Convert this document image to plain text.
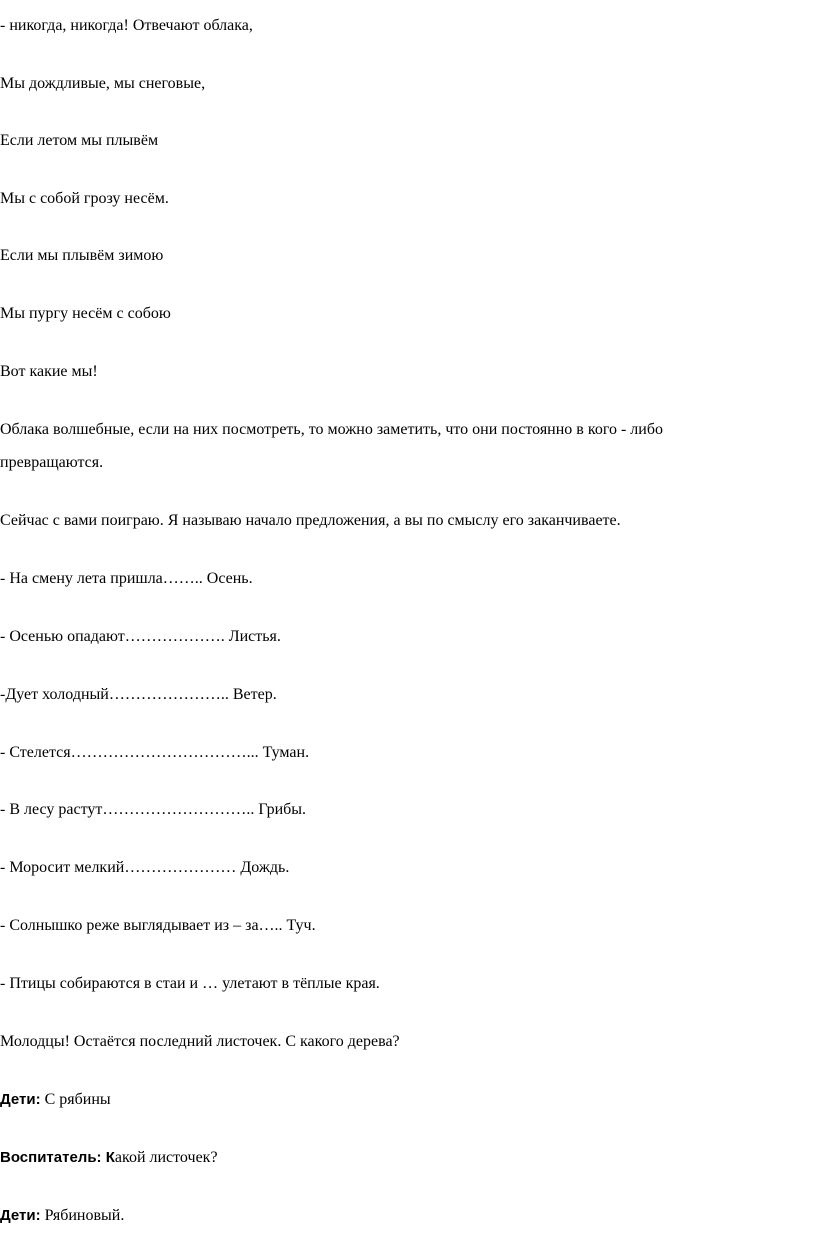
- никогда, никогда! Отвечают облака,
Мы дождливые, мы снеговые,
Если летом мы плывём
Мы с собой грозу несём.
Если мы плывём зимою
Мы пургу несём с собою
Вот какие мы!
Облака волшебные, если на них посмотреть, то можно заметить, что они постоянно в кого - либо
превращаются.
Сейчас с вами поиграю. Я называю начало предложения, а вы по смыслу его заканчиваете.
- На смену лета пришла…….. Осень.
- Осенью опадают………………. Листья.
-Дует холодный………………….. Ветер.
- Стелется……………………………... Туман.
- В лесу растут……………………….. Грибы.
- Моросит мелкий………………… Дождь.
- Солнышко реже выглядывает из – за….. Туч.
- Птицы собираются в стаи и … улетают в тёплые края.
Молодцы! Остаётся последний листочек. С какого дерева?
Дети: С рябины
Воспитатель: Какой листочек?
Дети: Рябиновый.
